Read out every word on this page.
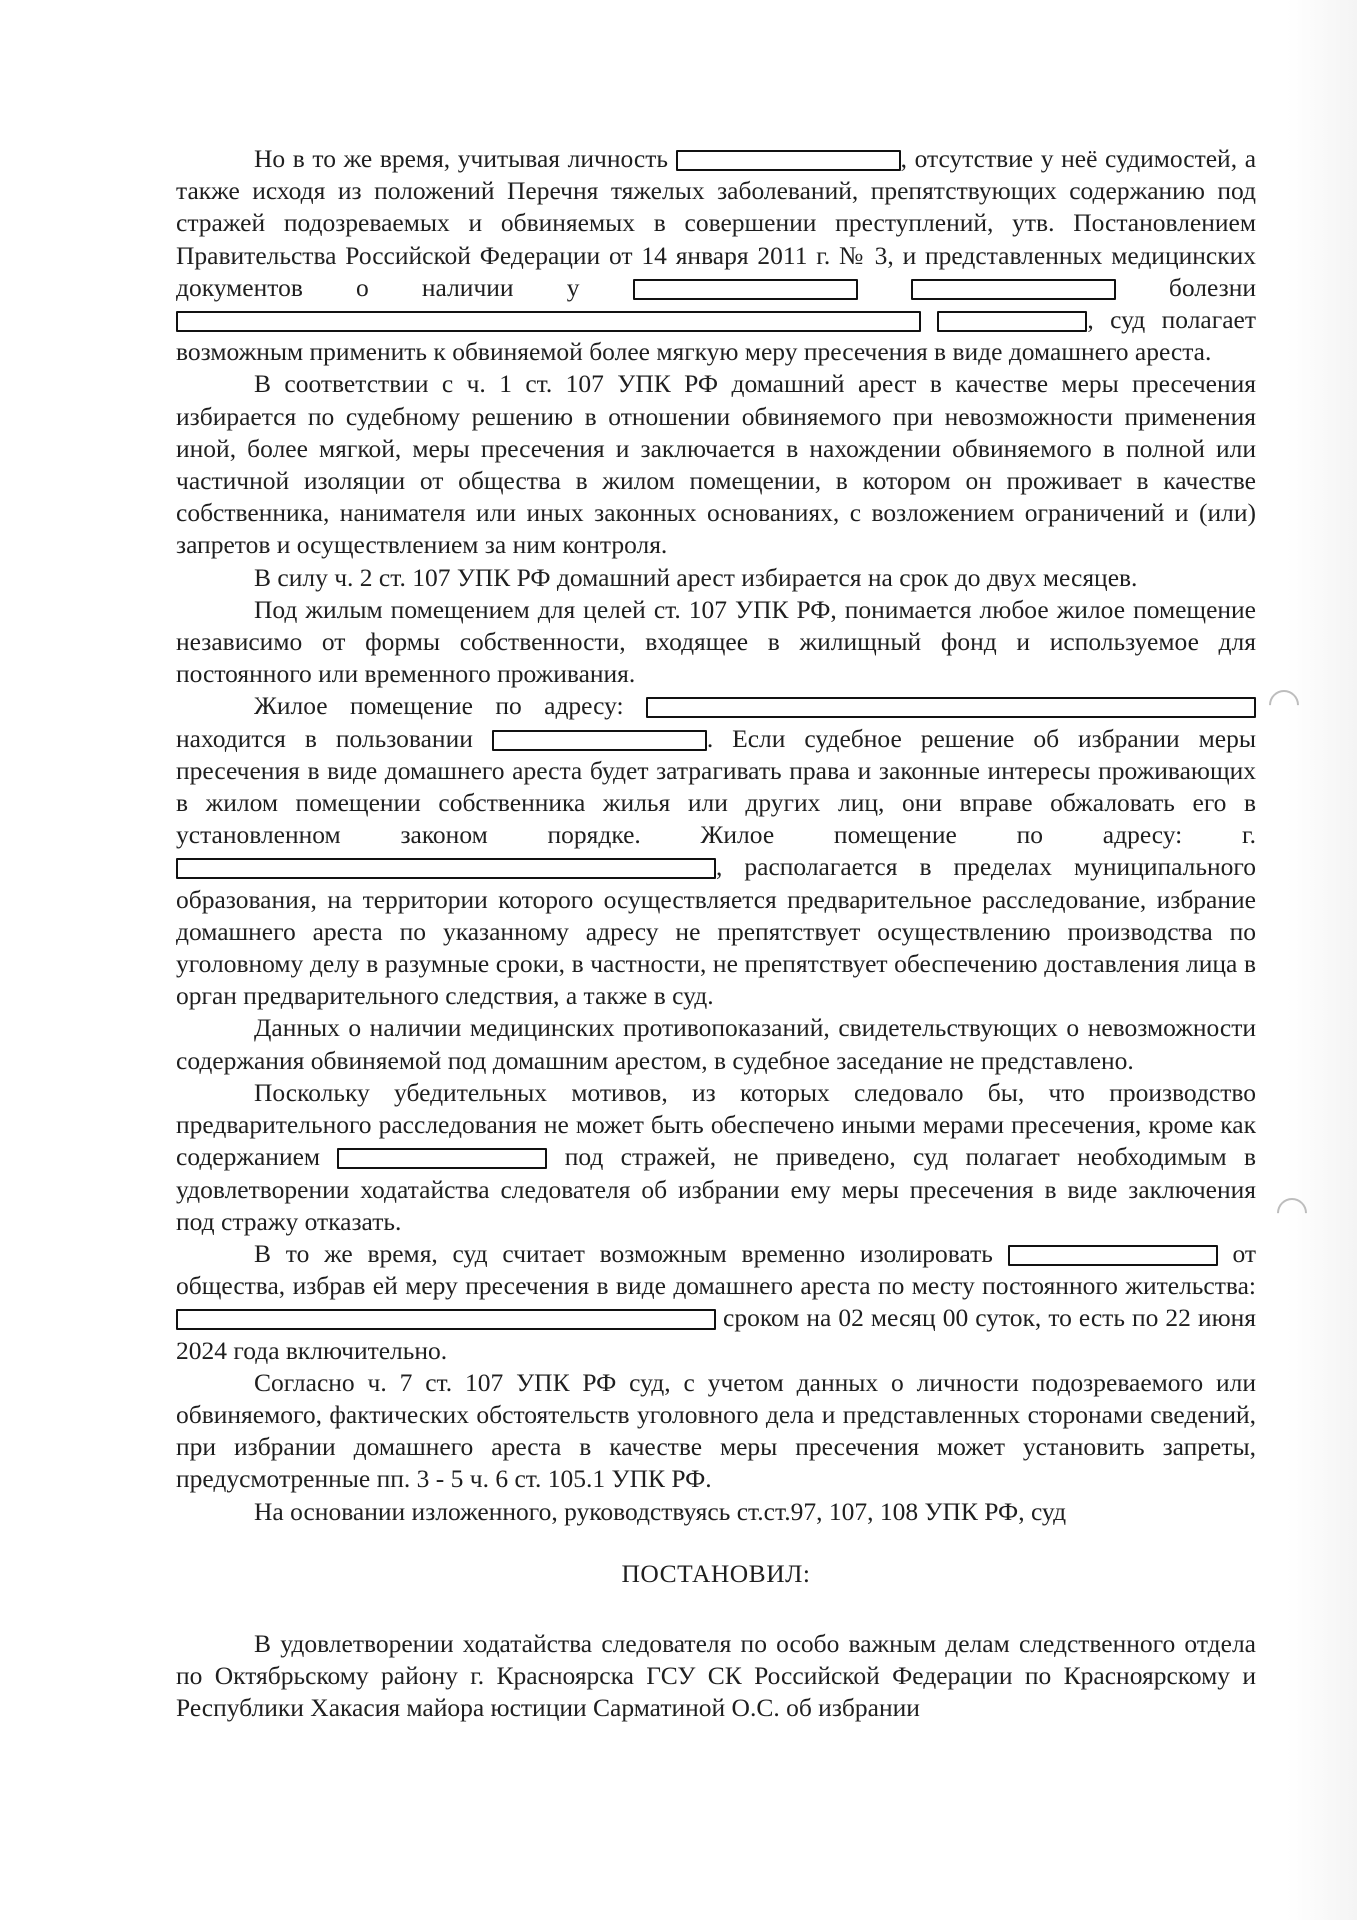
Но в то же время, учитывая личность	, отсутствие у неё судимостей, а также исходя из положений Перечня тяжелых заболеваний, препятствующих содержанию под стражей подозреваемых и обвиняемых в совершении преступлений, утв. Постановлением Правительства Российской Федерации от 14 января 2011 г. № 3, и представленных медицинских документов о наличии у	болезни  , суд полагает возможным применить к обвиняемой более мягкую меру пресечения в виде домашнего ареста.

В соответствии с ч. 1 ст. 107 УПК РФ домашний арест в качестве меры пресечения избирается по судебному решению в отношении обвиняемого при невозможности применения иной, более мягкой, меры пресечения и заключается в нахождении обвиняемого в полной или частичной изоляции от общества в жилом помещении, в котором он проживает в качестве собственника, нанимателя или иных законных основаниях, с возложением ограничений и (или) запретов и осуществлением за ним контроля.

В силу ч. 2 ст. 107 УПК РФ домашний арест избирается на срок до двух месяцев.

Под жилым помещением для целей ст. 107 УПК РФ, понимается любое жилое помещение независимо от формы собственности, входящее в жилищный фонд и используемое для постоянного или временного проживания.

Жилое помещение по адресу:  находится в пользовании	. Если судебное решение об избрании меры пресечения в виде домашнего ареста будет затрагивать права и законные интересы проживающих в жилом помещении собственника жилья или других лиц, они вправе обжаловать его в установленном законом порядке. Жилое помещение по адресу: г. , располагается в пределах муниципального образования, на территории которого осуществляется предварительное расследование, избрание домашнего ареста по указанному адресу не препятствует осуществлению производства по уголовному делу в разумные сроки, в частности, не препятствует обеспечению доставления лица в орган предварительного следствия, а также в суд.

Данных о наличии медицинских противопоказаний, свидетельствующих о невозможности содержания обвиняемой под домашним арестом, в судебное заседание не представлено.

Поскольку убедительных мотивов, из которых следовало бы, что производство предварительного расследования не может быть обеспечено иными мерами пресечения, кроме как содержанием	под стражей, не приведено, суд полагает необходимым в удовлетворении ходатайства следователя об избрании ему меры пресечения в виде заключения под стражу отказать.

В то же время, суд считает возможным временно изолировать	от общества, избрав ей меру пресечения в виде домашнего ареста по месту постоянного жительства:  сроком на 02 месяц 00 суток, то есть по 22 июня 2024 года включительно.

Согласно ч. 7 ст. 107 УПК РФ суд, с учетом данных о личности подозреваемого или обвиняемого, фактических обстоятельств уголовного дела и представленных сторонами сведений, при избрании домашнего ареста в качестве меры пресечения может установить запреты, предусмотренные пп. 3 - 5 ч. 6 ст. 105.1 УПК РФ.

На основании изложенного, руководствуясь ст.ст.97, 107, 108 УПК РФ, суд

ПОСТАНОВИЛ:

В удовлетворении ходатайства следователя по особо важным делам следственного отдела по Октябрьскому району г. Красноярска ГСУ СК Российской Федерации по Красноярскому и Республики Хакасия майора юстиции Сарматиной О.С. об избрании
